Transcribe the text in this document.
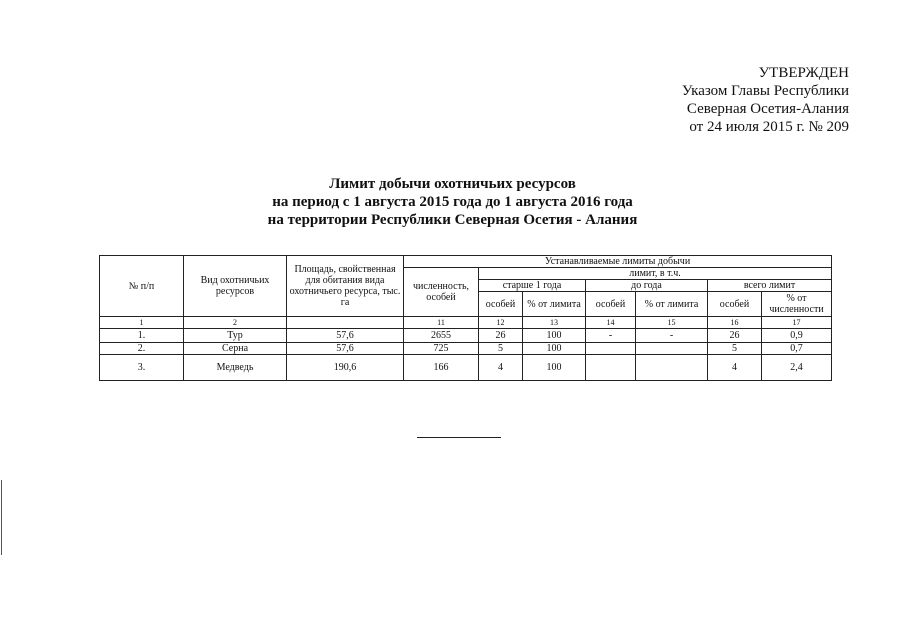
УТВЕРЖДЕН
Указом Главы Республики
Северная Осетия-Алания
от 24 июля 2015 г. № 209
Лимит добычи охотничьих ресурсов
на период с 1 августа 2015 года до 1 августа 2016 года
на территории Республики Северная Осетия - Алания
№ п/п	Вид охотничьих ресурсов	Площадь, свойственная для обитания вида охотничьего ресурса, тыс. га	Устанавливаемые лимиты добычи						
			численность, особей	лимит, в т.ч.					
				старше 1 года		до года		всего лимит	
				особей	% от лимита	особей	% от лимита	особей	% от численности
1	2		11	12	13	14	15	16	17
1.	Тур	57,6	2655	26	100	-	-	26	0,9
2.	Серна	57,6	725	5	100			5	0,7
3.	Медведь	190,6	166	4	100			4	2,4
